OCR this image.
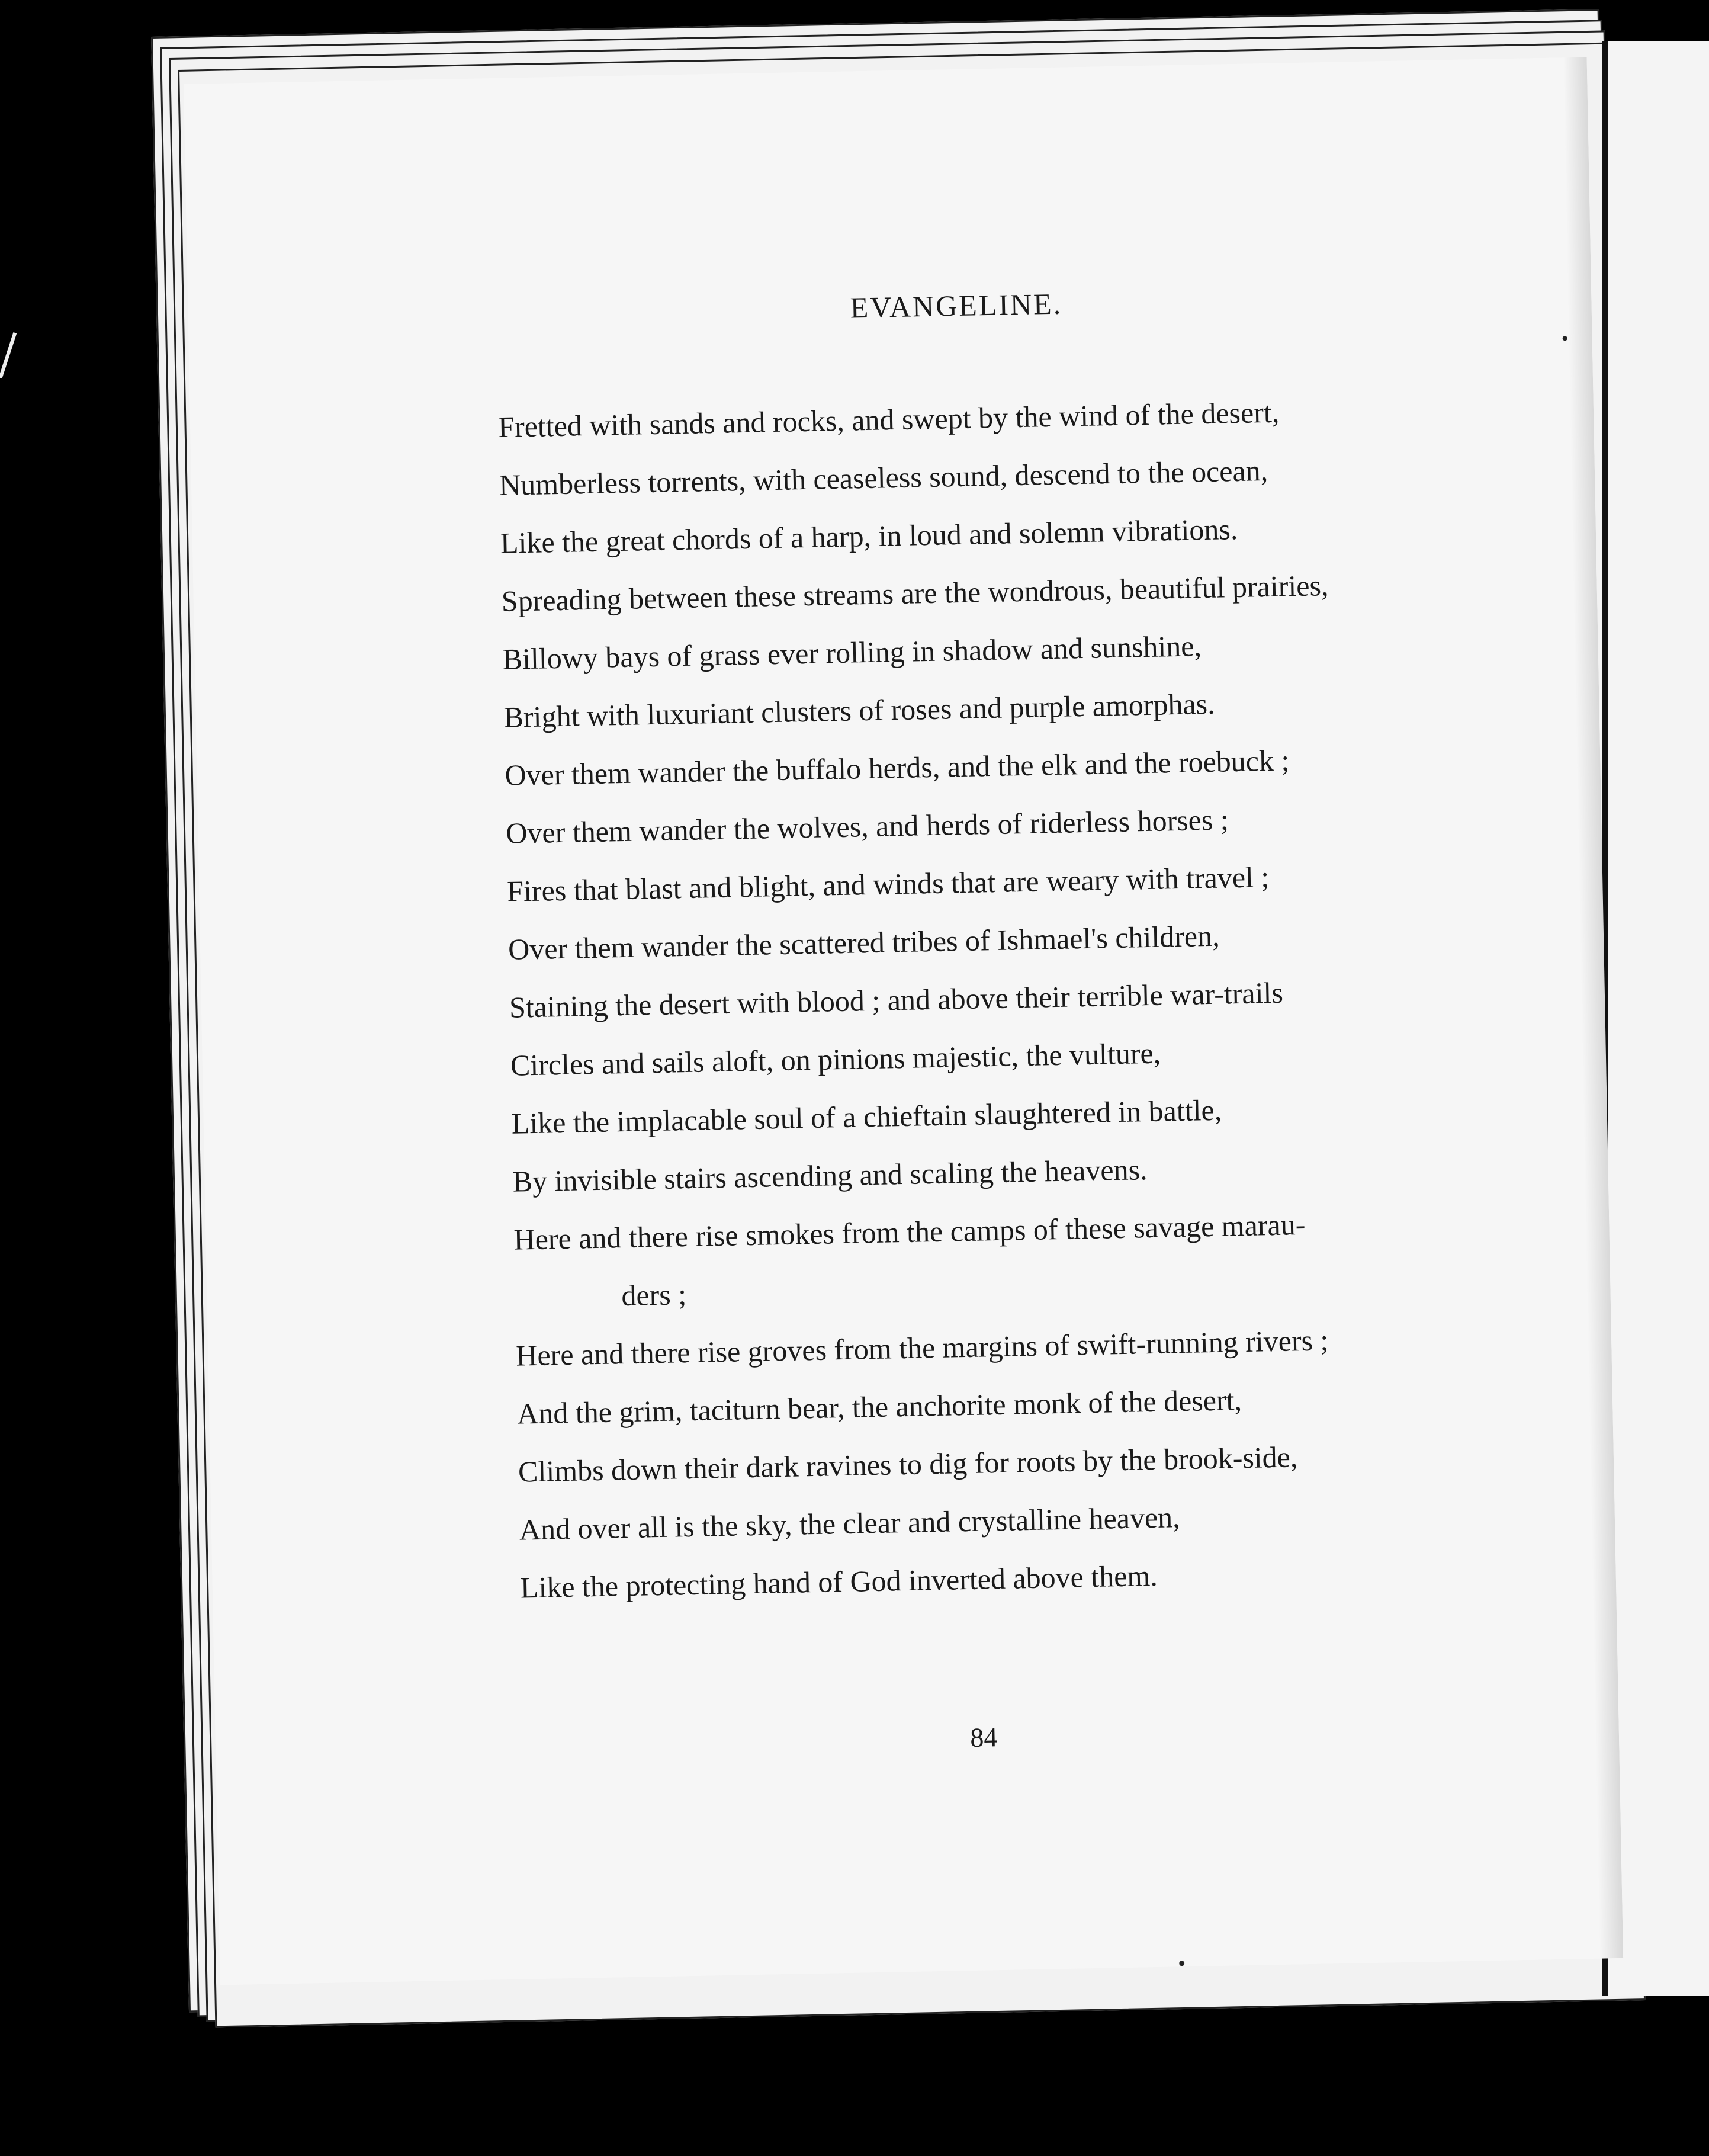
EVANGELINE.
Fretted with sands and rocks, and swept by the wind of the desert,
Numberless torrents, with ceaseless sound, descend to the ocean,
Like the great chords of a harp, in loud and solemn vibrations.
Spreading between these streams are the wondrous, beautiful prairies,
Billowy bays of grass ever rolling in shadow and sunshine,
Bright with luxuriant clusters of roses and purple amorphas.
Over them wander the buffalo herds, and the elk and the roebuck ;
Over them wander the wolves, and herds of riderless horses ;
Fires that blast and blight, and winds that are weary with travel ;
Over them wander the scattered tribes of Ishmael's children,
Staining the desert with blood ; and above their terrible war-trails
Circles and sails aloft, on pinions majestic, the vulture,
Like the implacable soul of a chieftain slaughtered in battle,
By invisible stairs ascending and scaling the heavens.
Here and there rise smokes from the camps of these savage marau-
ders ;
Here and there rise groves from the margins of swift-running rivers ;
And the grim, taciturn bear, the anchorite monk of the desert,
Climbs down their dark ravines to dig for roots by the brook-side,
And over all is the sky, the clear and crystalline heaven,
Like the protecting hand of God inverted above them.
84
